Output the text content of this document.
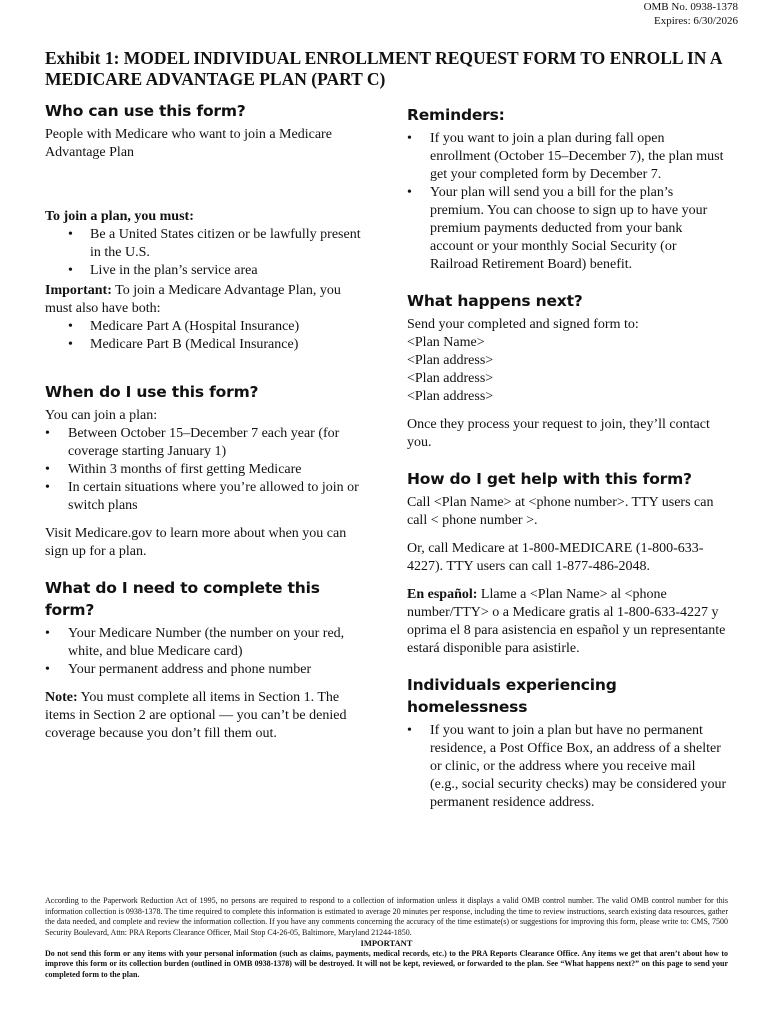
OMB No. 0938-1378
Expires: 6/30/2026
Exhibit 1: MODEL INDIVIDUAL ENROLLMENT REQUEST FORM TO ENROLL IN A MEDICARE ADVANTAGE PLAN (PART C)
Who can use this form?

People with Medicare who want to join a Medicare Advantage Plan

To join a plan, you must:

• Be a United States citizen or be lawfully present in the U.S.
• Live in the plan’s service area

Important: To join a Medicare Advantage Plan, you must also have both:

• Medicare Part A (Hospital Insurance)
• Medicare Part B (Medical Insurance)
When do I use this form?

You can join a plan:

• Between October 15–December 7 each year (for coverage starting January 1)
• Within 3 months of first getting Medicare
• In certain situations where you’re allowed to join or switch plans

Visit Medicare.gov to learn more about when you can sign up for a plan.

What do I need to complete this form?
• Your Medicare Number (the number on your red, white, and blue Medicare card)
• Your permanent address and phone number

Note: You must complete all items in Section 1. The items in Section 2 are optional — you can’t be denied coverage because you don’t fill them out.

Reminders:
• If you want to join a plan during fall open enrollment (October 15–December 7), the plan must get your completed form by December 7.
• Your plan will send you a bill for the plan’s premium. You can choose to sign up to have your premium payments deducted from your bank account or your monthly Social Security (or Railroad Retirement Board) benefit.
What happens next?

Send your completed and signed form to:

<Plan Name>

<Plan address>

<Plan address>

<Plan address>

Once they process your request to join, they’ll contact you.

How do I get help with this form?

Call <Plan Name> at <phone number>. TTY users can call < phone number >.

Or, call Medicare at 1-800-MEDICARE (1-800-633-4227). TTY users can call 1-877-486-2048.

En español: Llame a <Plan Name> al <phone number/TTY> o a Medicare gratis al 1-800-633-4227 y oprima el 8 para asistencia en español y un representante estará disponible para asistirle.

Individuals experiencing homelessness
• If you want to join a plan but have no permanent residence, a Post Office Box, an address of a shelter or clinic, or the address where you receive mail (e.g., social security checks) may be considered your permanent residence address.
According to the Paperwork Reduction Act of 1995, no persons are required to respond to a collection of information unless it displays a valid OMB control number. The valid OMB control number for this information collection is 0938-1378. The time required to complete this information is estimated to average 20 minutes per response, including the time to review instructions, search existing data resources, gather the data needed, and complete and review the information collection. If you have any comments concerning the accuracy of the time estimate(s) or suggestions for improving this form, please write to: CMS, 7500 Security Boulevard, Attn: PRA Reports Clearance Officer, Mail Stop C4-26-05, Baltimore, Maryland 21244-1850.
IMPORTANT
Do not send this form or any items with your personal information (such as claims, payments, medical records, etc.) to the PRA Reports Clearance Office. Any items we get that aren’t about how to improve this form or its collection burden (outlined in OMB 0938-1378) will be destroyed. It will not be kept, reviewed, or forwarded to the plan. See “What happens next?” on this page to send your completed form to the plan.
